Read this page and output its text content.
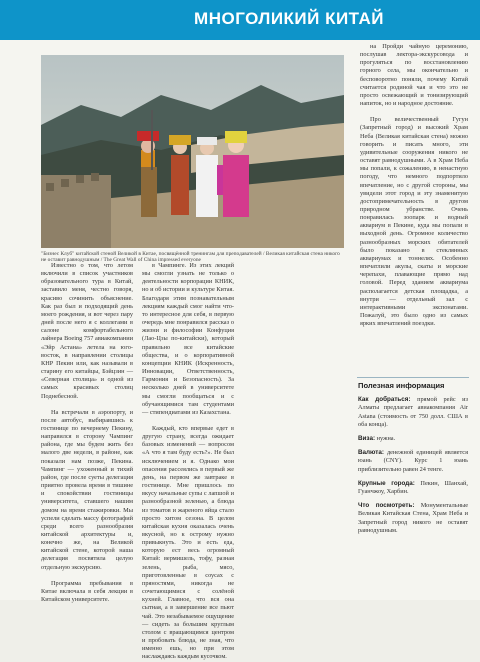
МНОГОЛИКИЙ КИТАЙ
"Бизнес Клуб" китайской стеной Великой в Китае, посвящённой тренингам для преподавателей / Великая китайская стена никого не оставит равнодушным / The Great Wall of China impressed everyone

Известно о том, что летом включили в список участников образовательного тура в Китай, заставило меня, честно говоря, красиво сочинить объяснение. Как раз был и подходящий день моего рождения, и вот через пару дней после него я с коллегами в салоне комфортабельного лайнера Boeing 757 авиакомпании «Эйр Астана» летела на юго-восток, в направлении столицы КНР Пекин или, как называли в старину его китайцы, Бэйцзин — «Северная столица» и одной из самых красивых столиц Поднебесной.

На встречали в аэропорту, и после автобус, выбиравшись к гостинице по вечернему Пекину, направился в сторону Чампинг района, где мы будем жить без малого две недели, в районе, как показали нам позже, Пекина. Чампинг — ухоженный и тихий район, где после суеты делегация приятно провела время в тишине и спокойствии гостиницы университета, ставшего нашим домом на время стажировки. Мы успели сделать массу фотографий среди всего разнообразия китайской архитектуры и, конечно же, на Великой китайской стене, которой наша делегация посвятила целую отдельную экскурсию.

Программа пребывания в Китае включала в себя лекции в Китайском университете.

в Чампинге. Из этих лекций мы смогли узнать не только о деятельности корпорации КНИК, но и об истории и культуре Китая. Благодаря этим познавательным лекциям каждый смог найти что-то интересное для себя, в первую очередь мне понравился рассказ о жизни и философии Конфуция (Лао-Цзы по-китайски), который правильно все китайские общества, и о корпоративной концепции КНИК (Искренность, Инновации, Ответственность, Гармония и Безопасность). За несколько дней в университете мы смогли пообщаться и с обучающимися там студентами — стипендиатами из Казахстана.

Каждый, кто впервые едет в другую страну, всегда ожидает базовых изменений — вопросом «А что я там буду есть?». Не был исключением и я. Однако мои опасения рассеялись в первый же день, на первом же завтраке в гостинице. Мне пришлось по вкусу начальные супы с лапшой и разнообразной зеленью, а блюда из томатов и жареного яйца стало просто хитом сезона. В целом китайская кухня оказалась очень вкусной, но к острому нужно привыкнуть. Это и есть еда, которую ест весь огромный Китай: вермишель, тофу, разная зелень, рыба, мясо, приготовленные в соусах с пряностями, никогда не сочетающимися с солёной кухней. Главное, что вся она сытная, а в завершение все пьют чай. Это незабываемое ощущение — сидеть за большим круглым столом с вращающимся центром и пробовать блюда, не зная, что именно ешь, но при этом наслаждаясь каждым кусочком.

на Пройди чайную церемонию, послушав лектора-экскурсовода и прогуляться по восстановлению горного села, мы окончательно и бесповоротно поняли, почему Китай считается родиной чая и что это не просто освежающий и тонизирующий напиток, но и народное достояние.

Про величественный Гугун (Запретный город) и высокий Храм Неба (Великая китайская стена) можно говорить и писать много, эти удивительные сооружения никого не оставят равнодушными. А в Храм Неба мы попали, к сожалению, в ненастную погоду, что немного подпортило впечатление, но с другой стороны, мы увидели этот город и эту знаменитую достопримечательность в другом природном убранстве. Очень понравилась зоопарк и водный аквариум в Пекине, куда мы попали в выходной день. Огромное количество разнообразных морских обитателей было показано в стеклянных аквариумах и тоннелях. Особенно впечатлили акулы, скаты и морские черепахи, плавающие прямо над головой. Перед зданием аквариума располагается детская площадка, а внутри — отдельный зал с интерактивными экспонатами. Пожалуй, это было одно из самых ярких впечатлений поездки.

Полезная информация

Как добраться: прямой рейс из Алматы предлагает авиакомпания Air Astana (стоимость от 750 долл. США в оба конца).

Виза: нужна.

Валюта: денежной единицей является юань (CNY). Курс 1 юань приблизительно равен 24 тенге.

Крупные города: Пекин, Шанхай, Гуанчжоу, Харбин.

Что посмотреть: Монументальные Великая Китайская Стена, Храм Неба и Запретный город никого не оставят равнодушным.
